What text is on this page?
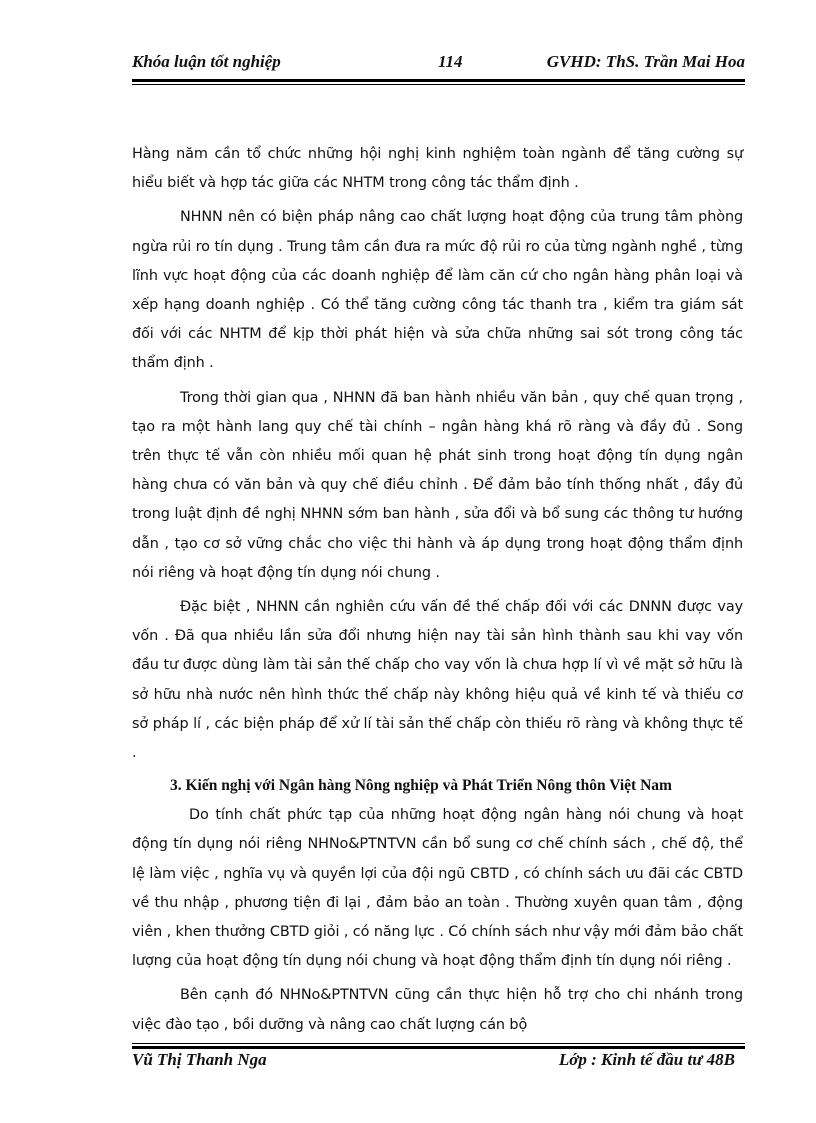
Khóa luận tốt nghiệp	114	GVHD: ThS. Trần Mai Hoa

Hàng năm cần tổ chức những hội nghị kinh nghiệm toàn ngành để tăng cường sự hiểu biết và hợp tác giữa các NHTM trong công tác thẩm định .

NHNN nên có biện pháp nâng cao chất lượng hoạt động của trung tâm phòng ngừa rủi ro tín dụng . Trung tâm cần đưa ra mức độ rủi ro của từng ngành nghề , từng lĩnh vực hoạt động của các doanh nghiệp để làm căn cứ cho ngân hàng phân loại và xếp hạng doanh nghiệp . Có thể tăng cường công tác thanh tra , kiểm tra giám sát đối với các NHTM để kịp thời phát hiện và sửa chữa những sai sót trong công tác thẩm định .

Trong thời gian qua , NHNN đã ban hành nhiều văn bản , quy chế quan trọng , tạo ra một hành lang quy chế tài chính – ngân hàng khá rõ ràng và đầy đủ . Song trên thực tế vẫn còn nhiều mối quan hệ phát sinh trong hoạt động tín dụng ngân hàng chưa có văn bản và quy chế điều chỉnh . Để đảm bảo tính thống nhất , đầy đủ trong luật định đề nghị NHNN sớm ban hành , sửa đổi và bổ sung các thông tư hướng dẫn , tạo cơ sở vững chắc cho việc thi hành và áp dụng trong hoạt động thẩm định nói riêng và hoạt động tín dụng nói chung .

Đặc biệt , NHNN cần nghiên cứu vấn đề thế chấp đối với các DNNN được vay vốn . Đã qua nhiều lần sửa đổi nhưng hiện nay tài sản hình thành sau khi vay vốn đầu tư được dùng làm tài sản thế chấp cho vay vốn là chưa hợp lí vì về mặt sở hữu là sở hữu nhà nước nên hình thức thế chấp này không hiệu quả về kinh tế và thiếu cơ sở pháp lí , các biện pháp để xử lí tài sản thế chấp còn thiếu rõ ràng và không thực tế .

3. Kiến nghị với Ngân hàng Nông nghiệp và Phát Triển Nông thôn Việt Nam

Do tính chất phức tạp của những hoạt động ngân hàng nói chung và hoạt động tín dụng nói riêng NHNo&PTNTVN cần bổ sung cơ chế chính sách , chế độ, thể lệ làm việc , nghĩa vụ và quyền lợi của đội ngũ CBTD , có chính sách ưu đãi các CBTD về thu nhập , phương tiện đi lại , đảm bảo an toàn . Thường xuyên quan tâm , động viên , khen thưởng CBTD giỏi , có năng lực . Có chính sách như vậy mới đảm bảo chất lượng của hoạt động tín dụng nói chung và hoạt động thẩm định tín dụng nói riêng .

Bên cạnh đó NHNo&PTNTVN cũng cần thực hiện hỗ trợ cho chi nhánh trong việc đào tạo , bồi dưỡng và nâng cao chất lượng cán bộ

Vũ Thị Thanh Nga	Lớp : Kinh tế đầu tư 48B
